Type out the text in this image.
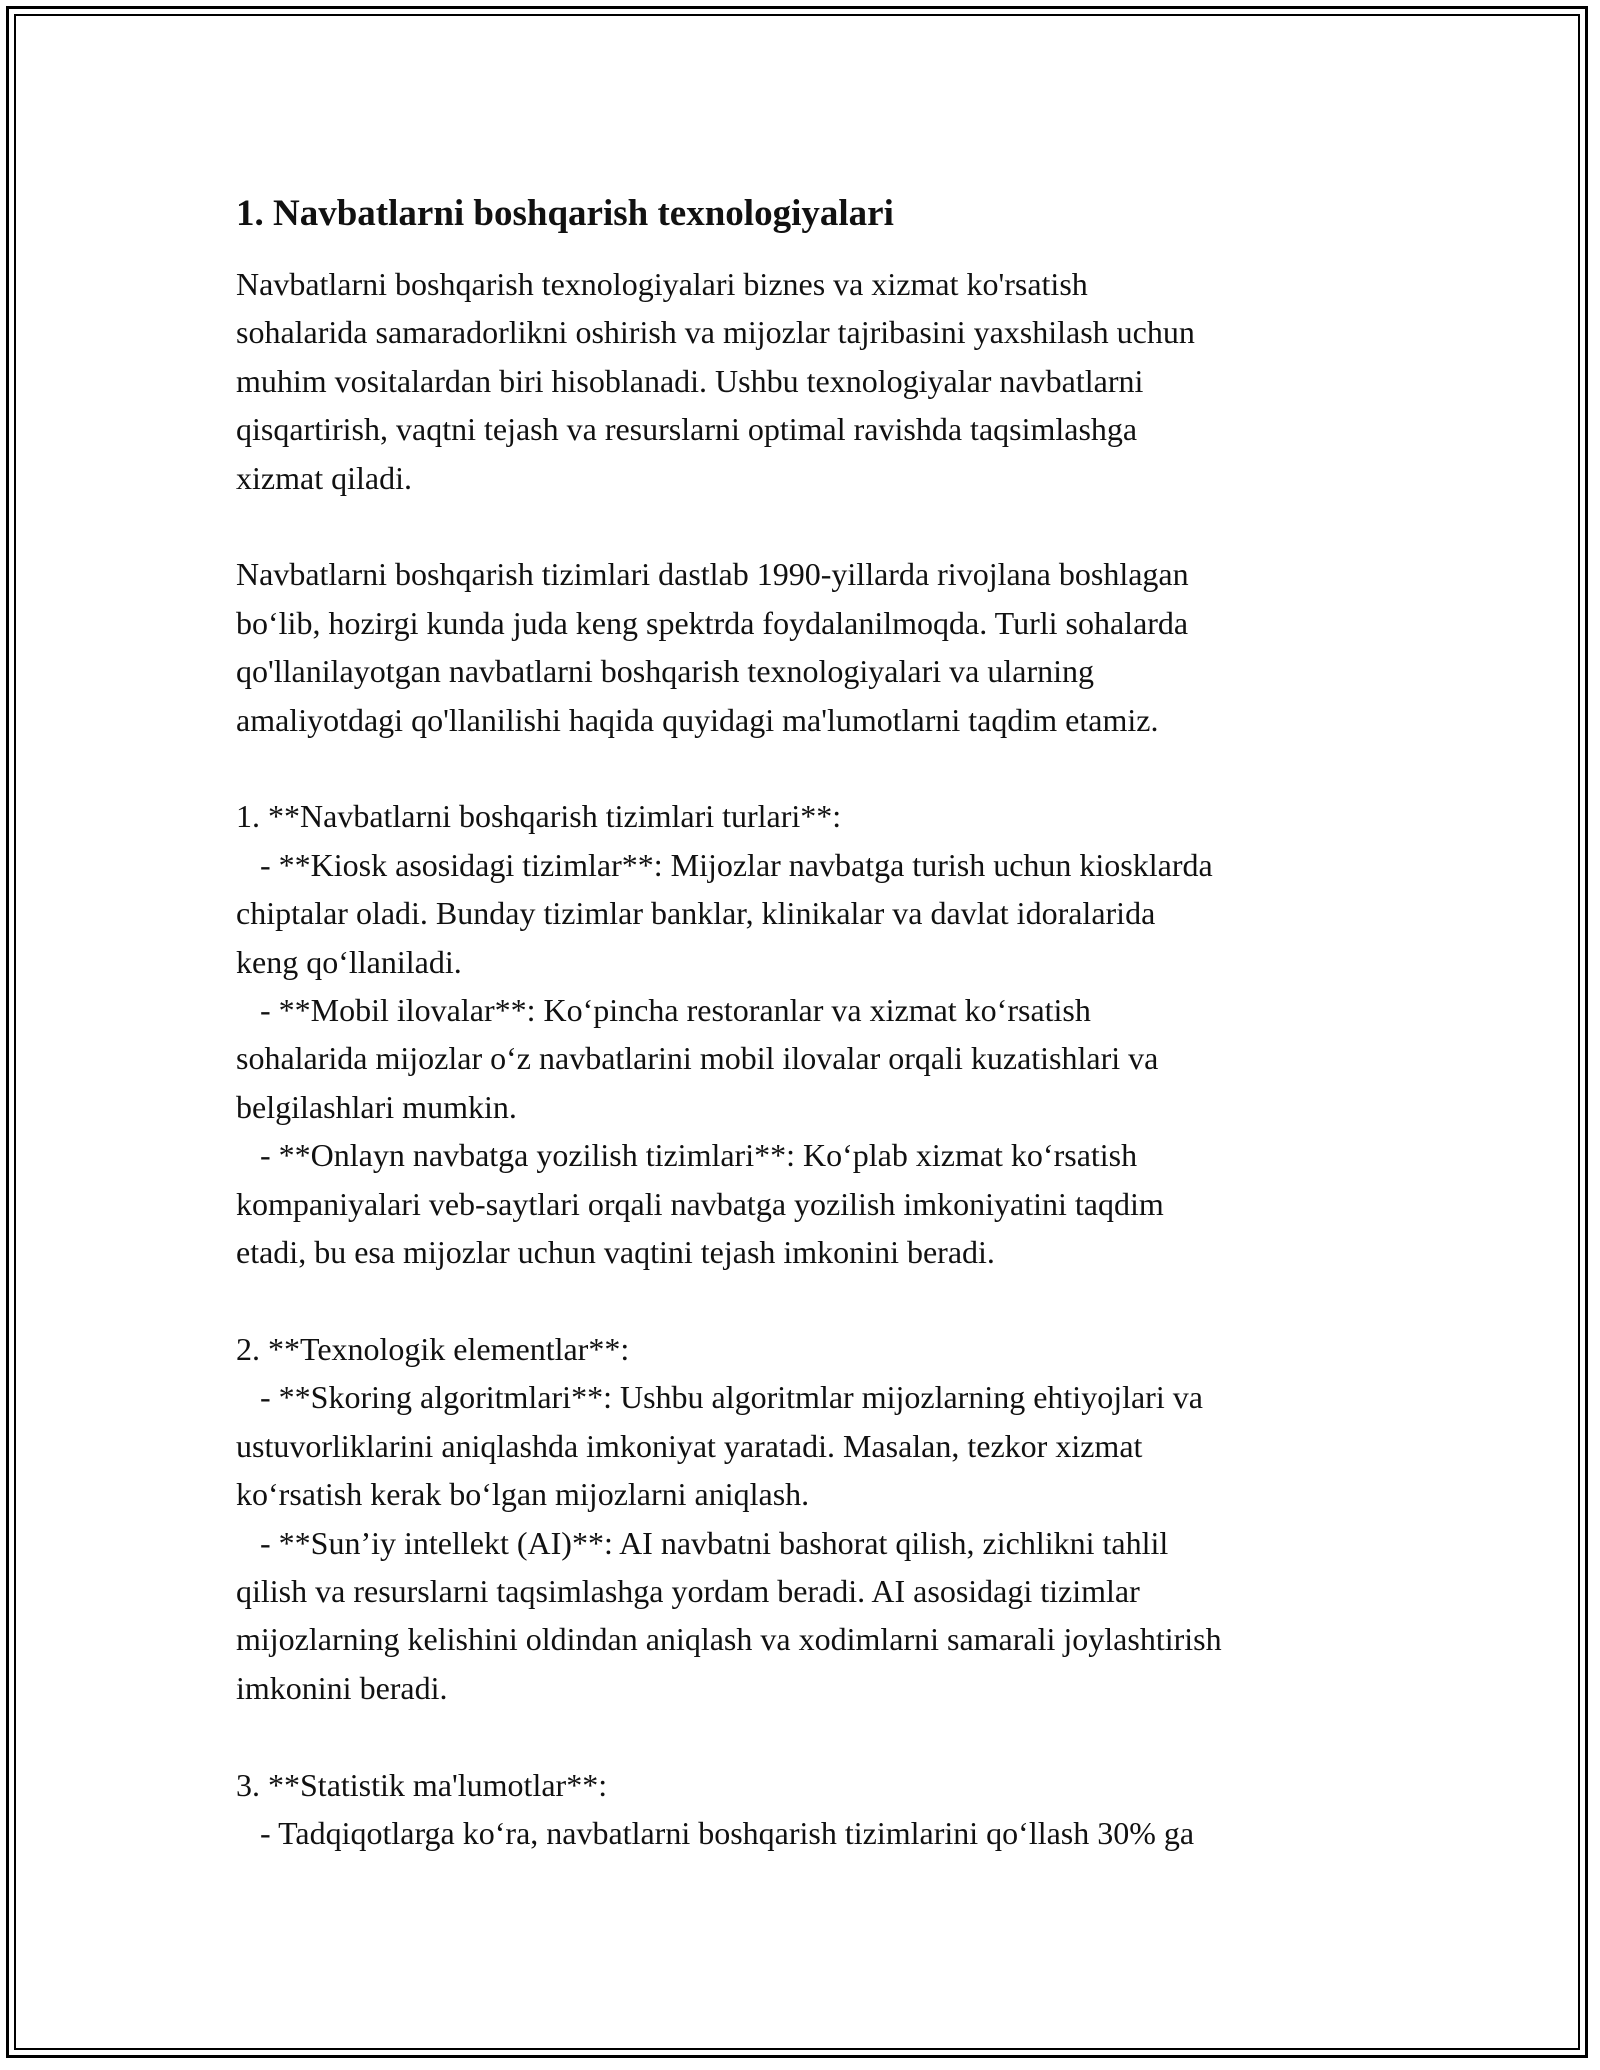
1. Navbatlarni boshqarish texnologiyalari

Navbatlarni boshqarish texnologiyalari biznes va xizmat ko'rsatish
sohalarida samaradorlikni oshirish va mijozlar tajribasini yaxshilash uchun
muhim vositalardan biri hisoblanadi. Ushbu texnologiyalar navbatlarni
qisqartirish, vaqtni tejash va resurslarni optimal ravishda taqsimlashga
xizmat qiladi.

Navbatlarni boshqarish tizimlari dastlab 1990-yillarda rivojlana boshlagan
bo‘lib, hozirgi kunda juda keng spektrda foydalanilmoqda. Turli sohalarda
qo'llanilayotgan navbatlarni boshqarish texnologiyalari va ularning
amaliyotdagi qo'llanilishi haqida quyidagi ma'lumotlarni taqdim etamiz.

1. **Navbatlarni boshqarish tizimlari turlari**:

- **Kiosk asosidagi tizimlar**: Mijozlar navbatga turish uchun kiosklarda
chiptalar oladi. Bunday tizimlar banklar, klinikalar va davlat idoralarida
keng qo‘llaniladi.

- **Mobil ilovalar**: Ko‘pincha restoranlar va xizmat ko‘rsatish
sohalarida mijozlar o‘z navbatlarini mobil ilovalar orqali kuzatishlari va
belgilashlari mumkin.

- **Onlayn navbatga yozilish tizimlari**: Ko‘plab xizmat ko‘rsatish
kompaniyalari veb-saytlari orqali navbatga yozilish imkoniyatini taqdim
etadi, bu esa mijozlar uchun vaqtini tejash imkonini beradi.

2. **Texnologik elementlar**:

- **Skoring algoritmlari**: Ushbu algoritmlar mijozlarning ehtiyojlari va
ustuvorliklarini aniqlashda imkoniyat yaratadi. Masalan, tezkor xizmat
ko‘rsatish kerak bo‘lgan mijozlarni aniqlash.

- **Sun’iy intellekt (AI)**: AI navbatni bashorat qilish, zichlikni tahlil
qilish va resurslarni taqsimlashga yordam beradi. AI asosidagi tizimlar
mijozlarning kelishini oldindan aniqlash va xodimlarni samarali joylashtirish
imkonini beradi.

3. **Statistik ma'lumotlar**:

- Tadqiqotlarga ko‘ra, navbatlarni boshqarish tizimlarini qo‘llash 30% ga
